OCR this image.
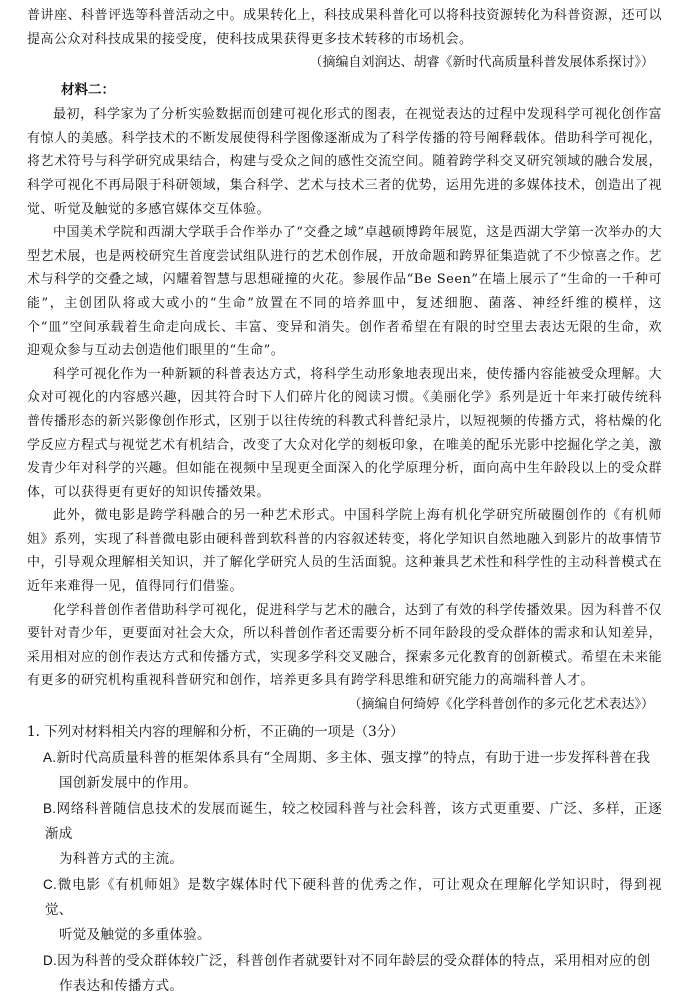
普讲座、科普评选等科普活动之中。成果转化上，科技成果科普化可以将科技资源转化为科普资源，还可以提高公众对科技成果的接受度，使科技成果获得更多技术转移的市场机会。

（摘编自刘润达、胡睿《新时代高质量科普发展体系探讨》）

材料二：

最初，科学家为了分析实验数据而创建可视化形式的图表，在视觉表达的过程中发现科学可视化创作富有惊人的美感。科学技术的不断发展使得科学图像逐渐成为了科学传播的符号阐释载体。借助科学可视化，将艺术符号与科学研究成果结合，构建与受众之间的感性交流空间。随着跨学科交叉研究领域的融合发展，科学可视化不再局限于科研领域，集合科学、艺术与技术三者的优势，运用先进的多媒体技术，创造出了视觉、听觉及触觉的多感官媒体交互体验。

中国美术学院和西湖大学联手合作举办了“交叠之域”卓越硕博跨年展览，这是西湖大学第一次举办的大型艺术展，也是两校研究生首度尝试组队进行的艺术创作展，开放命题和跨界征集造就了不少惊喜之作。艺术与科学的交叠之域，闪耀着智慧与思想碰撞的火花。参展作品“Be Seen”在墙上展示了“生命的一千种可能”，主创团队将或大或小的“生命”放置在不同的培养皿中，复述细胞、菌落、神经纤维的模样，这个“皿”空间承载着生命走向成长、丰富、变异和消失。创作者希望在有限的时空里去表达无限的生命，欢迎观众参与互动去创造他们眼里的“生命”。

科学可视化作为一种新颖的科普表达方式，将科学生动形象地表现出来，使传播内容能被受众理解。大众对可视化的内容感兴趣，因其符合时下人们碎片化的阅读习惯。《美丽化学》系列是近十年来打破传统科普传播形态的新兴影像创作形式，区别于以往传统的科教式科普纪录片，以短视频的传播方式，将枯燥的化学反应方程式与视觉艺术有机结合，改变了大众对化学的刻板印象，在唯美的配乐光影中挖掘化学之美，激发青少年对科学的兴趣。但如能在视频中呈现更全面深入的化学原理分析，面向高中生年龄段以上的受众群体，可以获得更有更好的知识传播效果。

此外，微电影是跨学科融合的另一种艺术形式。中国科学院上海有机化学研究所破圈创作的《有机师姐》系列，实现了科普微电影由硬科普到软科普的内容叙述转变，将化学知识自然地融入到影片的故事情节中，引导观众理解相关知识，并了解化学研究人员的生活面貌。这种兼具艺术性和科学性的主动科普模式在近年来难得一见，值得同行们借鉴。

化学科普创作者借助科学可视化，促进科学与艺术的融合，达到了有效的科学传播效果。因为科普不仅要针对青少年，更要面对社会大众，所以科普创作者还需要分析不同年龄段的受众群体的需求和认知差异，采用相对应的创作表达方式和传播方式，实现多学科交叉融合，探索多元化教育的创新模式。希望在未来能有更多的研究机构重视科普研究和创作，培养更多具有跨学科思维和研究能力的高端科普人才。

（摘编自何绮婷《化学科普创作的多元化艺术表达》）

1. 下列对材料相关内容的理解和分析，不正确的一项是（3分）

A.新时代高质量科普的框架体系具有“全周期、多主体、强支撑”的特点，有助于进一步发挥科普在我
国创新发展中的作用。
B.网络科普随信息技术的发展而诞生，较之校园科普与社会科普，该方式更重要、广泛、多样，正逐渐成
为科普方式的主流。
C.微电影《有机师姐》是数字媒体时代下硬科普的优秀之作，可让观众在理解化学知识时，得到视觉、
听觉及触觉的多重体验。
D.因为科普的受众群体较广泛，科普创作者就要针对不同年龄层的受众群体的特点，采用相对应的创
作表达和传播方式。
